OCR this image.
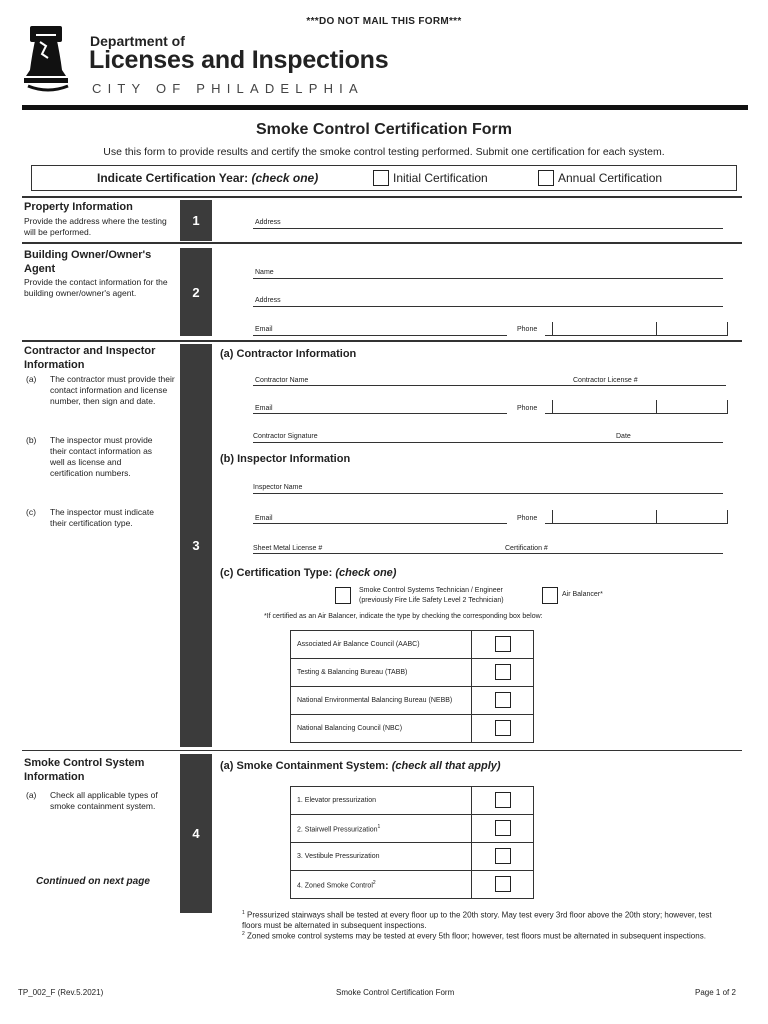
***DO NOT MAIL THIS FORM***
Department of
Licenses and Inspections
CITY OF PHILADELPHIA
Smoke Control Certification Form
Use this form to provide results and certify the smoke control testing performed. Submit one certification for each system.
Indicate Certification Year: (check one)	Initial Certification	Annual Certification
Property Information
Provide the address where the testing will be performed.
1	Address
Building Owner/Owner's Agent
Provide the contact information for the building owner/owner's agent.	2
Name
Address
Email	Phone
Contractor and Inspector Information
(a)	The contractor must provide their contact information and license number, then sign and date.
(b)	The inspector must provide their contact information as well as license and certification numbers.
(c)	The inspector must indicate their certification type.
3
(a) Contractor Information
Contractor Name	Contractor License #
Email	Phone
Contractor Signature	Date
(b) Inspector Information
Inspector Name
Email	Phone
Sheet Metal License #	Certification #
(c) Certification Type: (check one)
Smoke Control Systems Technician / Engineer
(previously Fire Life Safety Level 2 Technician)
Air Balancer*
*If certified as an Air Balancer, indicate the type by checking the corresponding box below:
Associated Air Balance Council (AABC)	
Testing & Balancing Bureau (TABB)	
National Environmental Balancing Bureau (NEBB)	
National Balancing Council (NBC)	
Smoke Control System Information
(a)	Check all applicable types of smoke containment system.
Continued on next page
4
(a) Smoke Containment System: (check all that apply)
1. Elevator pressurization	
2. Stairwell Pressurization$^1$	
3. Vestibule Pressurization	
4. Zoned Smoke Control$^2$	
$^1$ Pressurized stairways shall be tested at every floor up to the 20th story. May test every 3rd floor above the 20th story; however, test floors must be alternated in subsequent inspections.
$^2$ Zoned smoke control systems may be tested at every 5th floor; however, test floors must be alternated in subsequent inspections.
TP_002_F (Rev.5.2021)	Smoke Control Certification Form	Page 1 of 2
